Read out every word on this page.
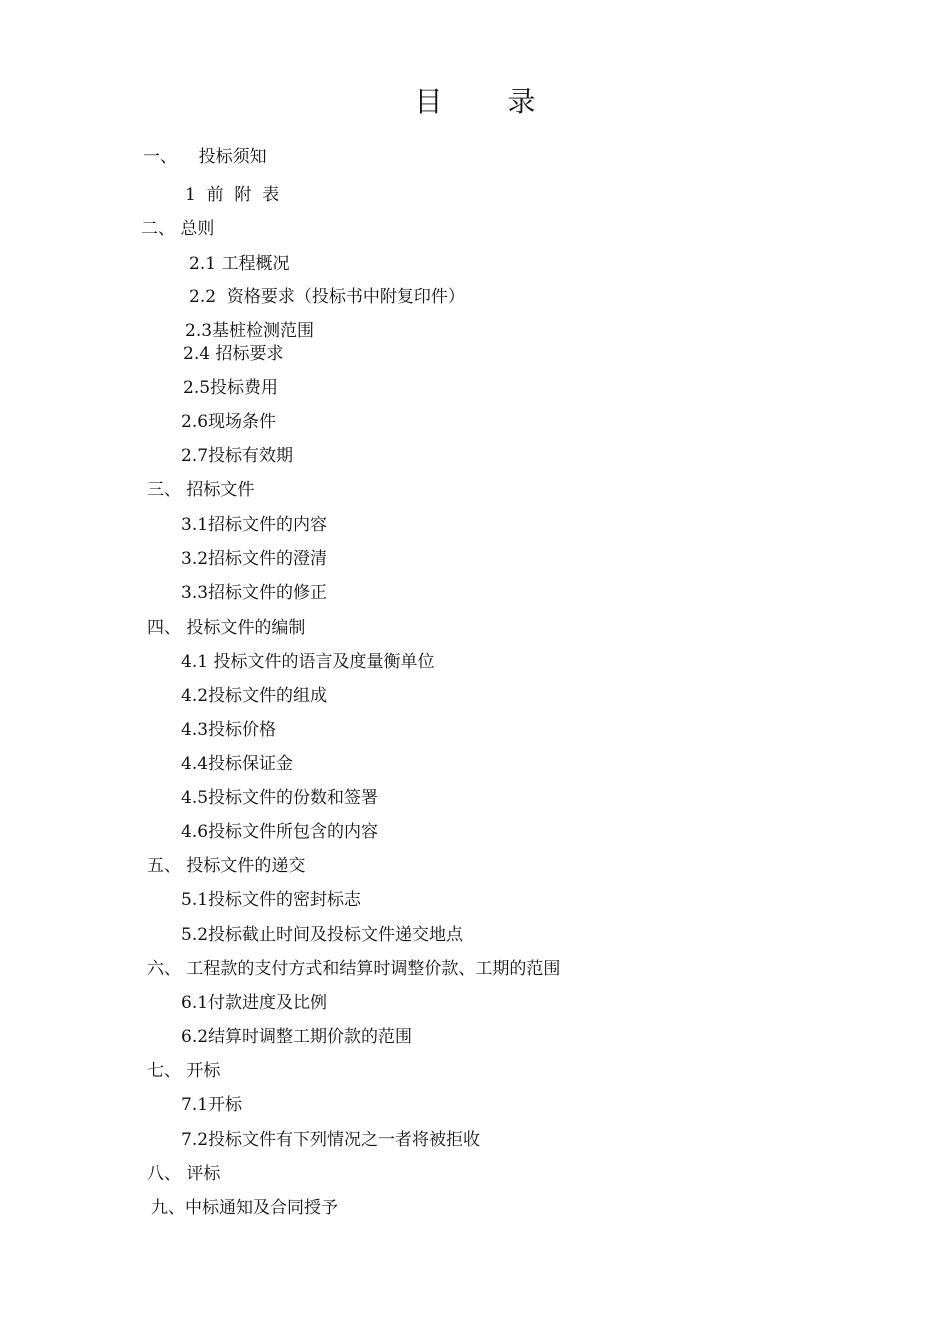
目 录
一、    投标须知
1  前  附  表
二、 总则
2.1 工程概况
2.2  资格要求（投标书中附复印件）
2.3基桩检测范围
2.4 招标要求
2.5投标费用
2.6现场条件
2.7投标有效期
三、 招标文件
3.1招标文件的内容
3.2招标文件的澄清
3.3招标文件的修正
四、 投标文件的编制
4.1 投标文件的语言及度量衡单位
4.2投标文件的组成
4.3投标价格
4.4投标保证金
4.5投标文件的份数和签署
4.6投标文件所包含的内容
五、 投标文件的递交
5.1投标文件的密封标志
5.2投标截止时间及投标文件递交地点
六、 工程款的支付方式和结算时调整价款、工期的范围
6.1付款进度及比例
6.2结算时调整工期价款的范围
七、 开标
7.1开标
7.2投标文件有下列情况之一者将被拒收
八、 评标
九、中标通知及合同授予
